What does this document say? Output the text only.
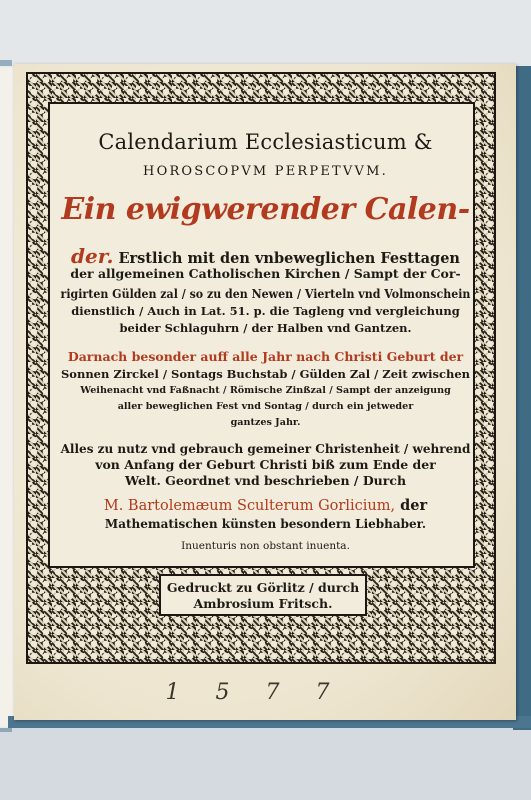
Calendarium Ecclesiasticum &
HOROSCOPVM PERPETVVM.
Ein ewigwerender Calen-
der. Erstlich mit den vnbeweglichen Festtagen
der allgemeinen Catholischen Kirchen / Sampt der Cor-
rigirten Gülden zal / so zu den Newen / Vierteln vnd Volmonschein
dienstlich / Auch in Lat. 51. p. die Tagleng vnd vergleichung
beider Schlaguhrn / der Halben vnd Gantzen.
Darnach besonder auff alle Jahr nach Christi Geburt der
Sonnen Zirckel / Sontags Buchstab / Gülden Zal / Zeit zwischen
Weihenacht vnd Faßnacht / Römische Zinßzal / Sampt der anzeigung
aller beweglichen Fest vnd Sontag / durch ein jetweder
gantzes Jahr.
Alles zu nutz vnd gebrauch gemeiner Christenheit / wehrend
von Anfang der Geburt Christi biß zum Ende der
Welt. Geordnet vnd beschrieben / Durch
M. Bartolemæum Sculterum Gorlicium, der
Mathematischen künsten besondern Liebhaber.
Inuenturis non obstant inuenta.
Gedruckt zu Görlitz / durch
Ambrosium Fritsch.
1577
